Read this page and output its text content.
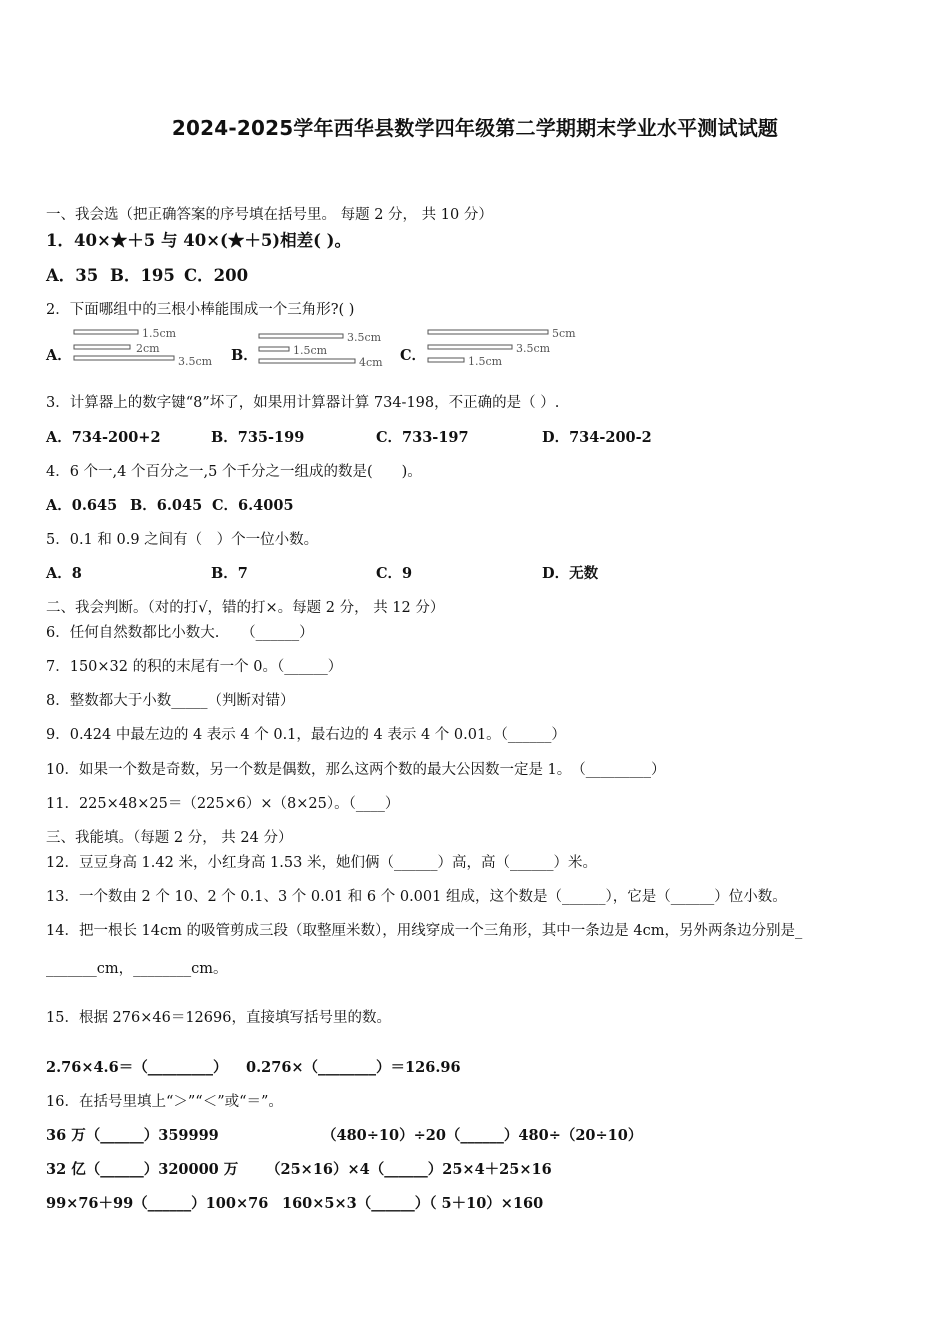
2024-2025学年西华县数学四年级第二学期期末学业水平测试试题
一、我会选（把正确答案的序号填在括号里。 每题 2 分， 共 10 分）
1．40×★＋5 与 40×(★＋5)相差( )。
A．35 B．195 C．200
2．下面哪组中的三根小棒能围成一个三角形?( )
A．
1.5cm
2cm
3.5cm B．
3.5cm
1.5cm
4cm C．
5cm
3.5cm
1.5cm
3．计算器上的数字键“8”坏了，如果用计算器计算 734-198，不正确的是（ ）.
A．734-200+2	B．735-199	C．733-197	D．734-200-2
4．6 个一,4 个百分之一,5 个千分之一组成的数是(　　)。
A．0.645 B．6.045 C．6.4005
5．0.1 和 0.9 之间有（　）个一位小数。
A．8	B．7	C．9	D．无数
二、我会判断。（对的打√，错的打×。每题 2 分， 共 12 分）
6．任何自然数都比小数大.　　（______）
7．150×32 的积的末尾有一个 0。（______）
8．整数都大于小数_____（判断对错）
9．0.424 中最左边的 4 表示 4 个 0.1，最右边的 4 表示 4 个 0.01。（______）
10．如果一个数是奇数，另一个数是偶数，那么这两个数的最大公因数一定是 1。　（_________）
11．225×48×25＝（225×6）×（8×25）。（____）
三、我能填。（每题 2 分， 共 24 分）
12．豆豆身高 1.42 米，小红身高 1.53 米，她们俩（______）高，高（______）米。
13．一个数由 2 个 10、2 个 0.1、3 个 0.01 和 6 个 0.001 组成，这个数是（______），它是（______）位小数。
14．把一根长 14cm 的吸管剪成三段（取整厘米数），用线穿成一个三角形，其中一条边是 4cm，另外两条边分别是_
_______cm，________cm。
15．根据 276×46＝12696，直接填写括号里的数。
2.76×4.6＝（_________） 0.276×（________）＝126.96
16．在括号里填上“＞”“＜”或“＝”。
36 万（______）359999	（480÷10）÷20（______）480÷（20÷10）
32 亿（______）320000 万 （25×16）×4（______）25×4＋25×16
99×76＋99（______）100×76 160×5×3（______）（ 5＋10）×160
